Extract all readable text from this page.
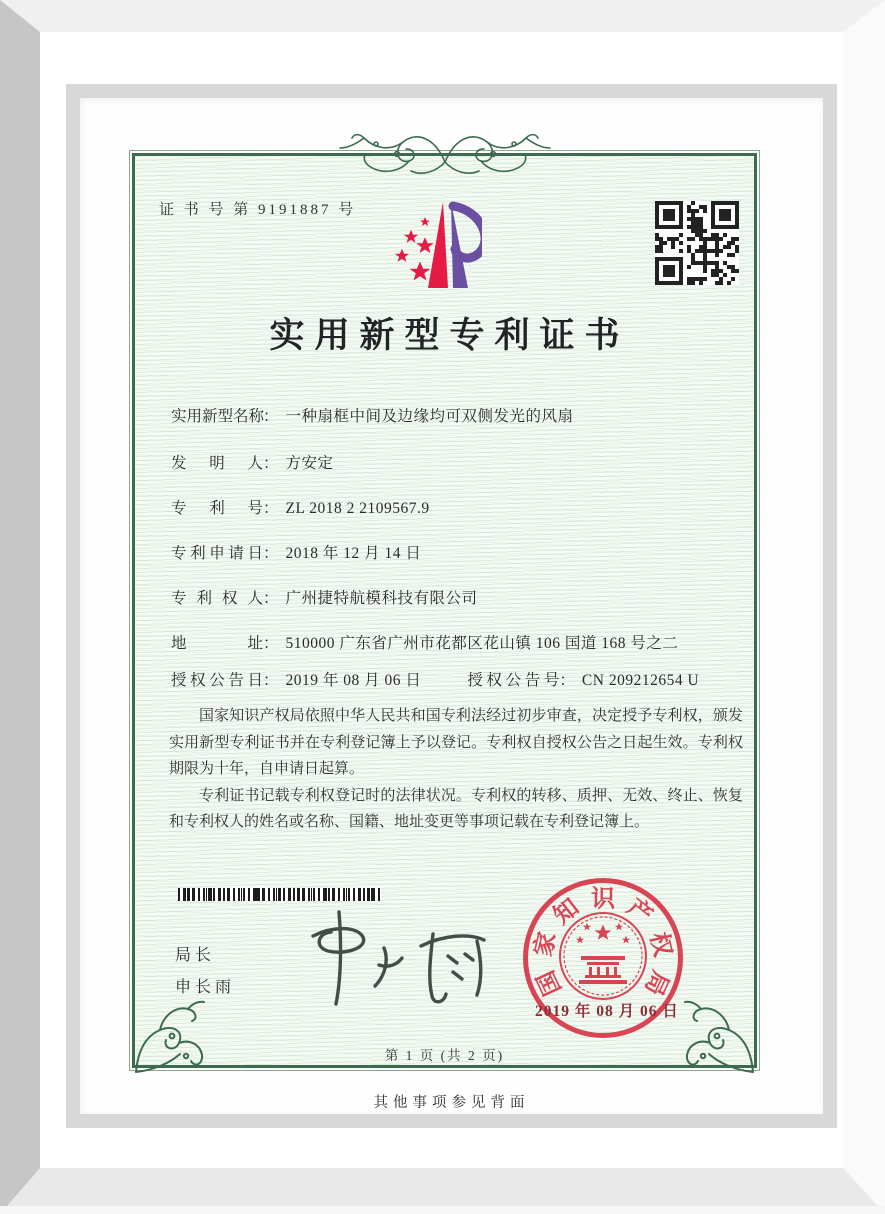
证 书 号 第 9191887 号
实用新型专利证书
实用新型名称： 一种扇框中间及边缘均可双侧发光的风扇
发明人： 方安定
专利号： ZL 2018 2 2109567.9
专利申请日： 2018 年 12 月 14 日
专利权人： 广州捷特航模科技有限公司
地址： 510000 广东省广州市花都区花山镇 106 国道 168 号之二
授权公告日： 2019 年 08 月 06 日	授权公告号： CN 209212654 U

国家知识产权局依照中华人民共和国专利法经过初步审查，决定授予专利权，颁发实用新型专利证书并在专利登记簿上予以登记。专利权自授权公告之日起生效。专利权期限为十年，自申请日起算。

专利证书记载专利权登记时的法律状况。专利权的转移、质押、无效、终止、恢复和专利权人的姓名或名称、国籍、地址变更等事项记载在专利登记簿上。

局长
申长雨	国
家
知 识 产
权
局
2019 年 08 月 06 日
第 1 页 (共 2 页)
其他事项参见背面
